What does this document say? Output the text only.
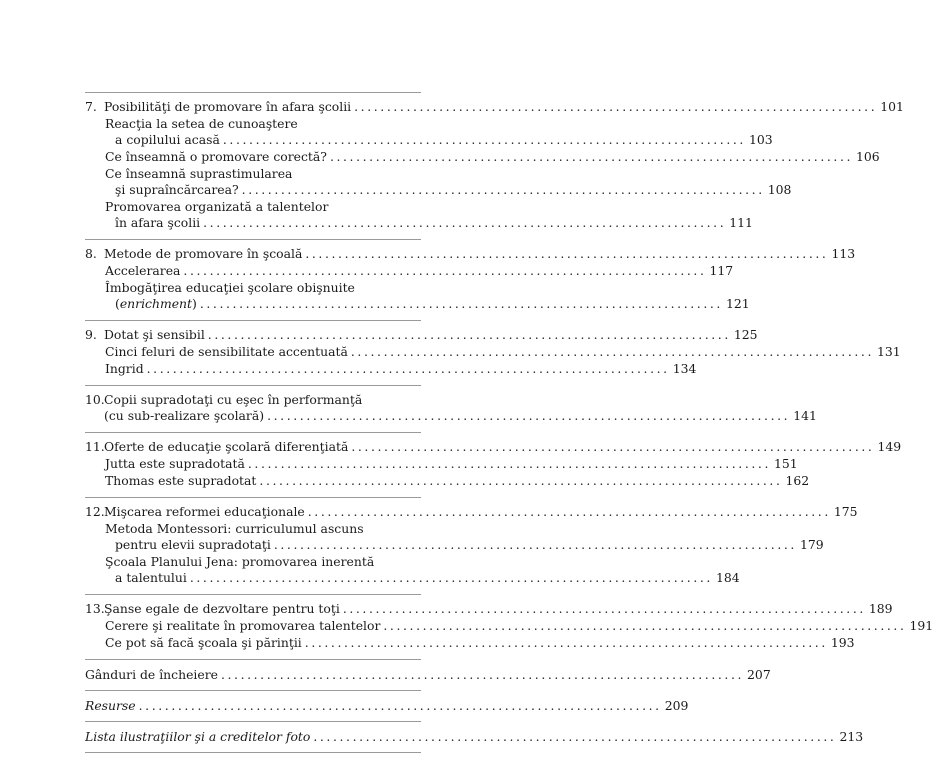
7. Posibilităţi de promovare în afara şcolii ................................................................................ 101
Reacţia la setea de cunoaştere
a copilului acasă ................................................................................ 103
Ce înseamnă o promovare corectă? ................................................................................ 106
Ce înseamnă suprastimularea
şi supraîncărcarea? ................................................................................ 108
Promovarea organizată a talentelor
în afara şcolii ................................................................................ 111
8. Metode de promovare în şcoală ................................................................................ 113
Accelerarea ................................................................................ 117
Îmbogăţirea educaţiei şcolare obişnuite
(enrichment) ................................................................................ 121
9. Dotat şi sensibil ................................................................................ 125
Cinci feluri de sensibilitate accentuată ................................................................................ 131
Ingrid ................................................................................ 134
10. Copii supradotaţi cu eşec în performanţă
(cu sub-realizare şcolară) ................................................................................ 141
11. Oferte de educaţie şcolară diferenţiată ................................................................................ 149
Jutta este supradotată ................................................................................ 151
Thomas este supradotat ................................................................................ 162
12. Mişcarea reformei educaţionale ................................................................................ 175
Metoda Montessori: curriculumul ascuns
pentru elevii supradotaţi ................................................................................ 179
Şcoala Planului Jena: promovarea inerentă
a talentului ................................................................................ 184
13. Şanse egale de dezvoltare pentru toţi ................................................................................ 189
Cerere şi realitate în promovarea talentelor ................................................................................ 191
Ce pot să facă şcoala şi părinţii ................................................................................ 193
Gânduri de încheiere ................................................................................ 207
Resurse ................................................................................ 209
Lista ilustraţiilor şi a creditelor foto ................................................................................ 213
